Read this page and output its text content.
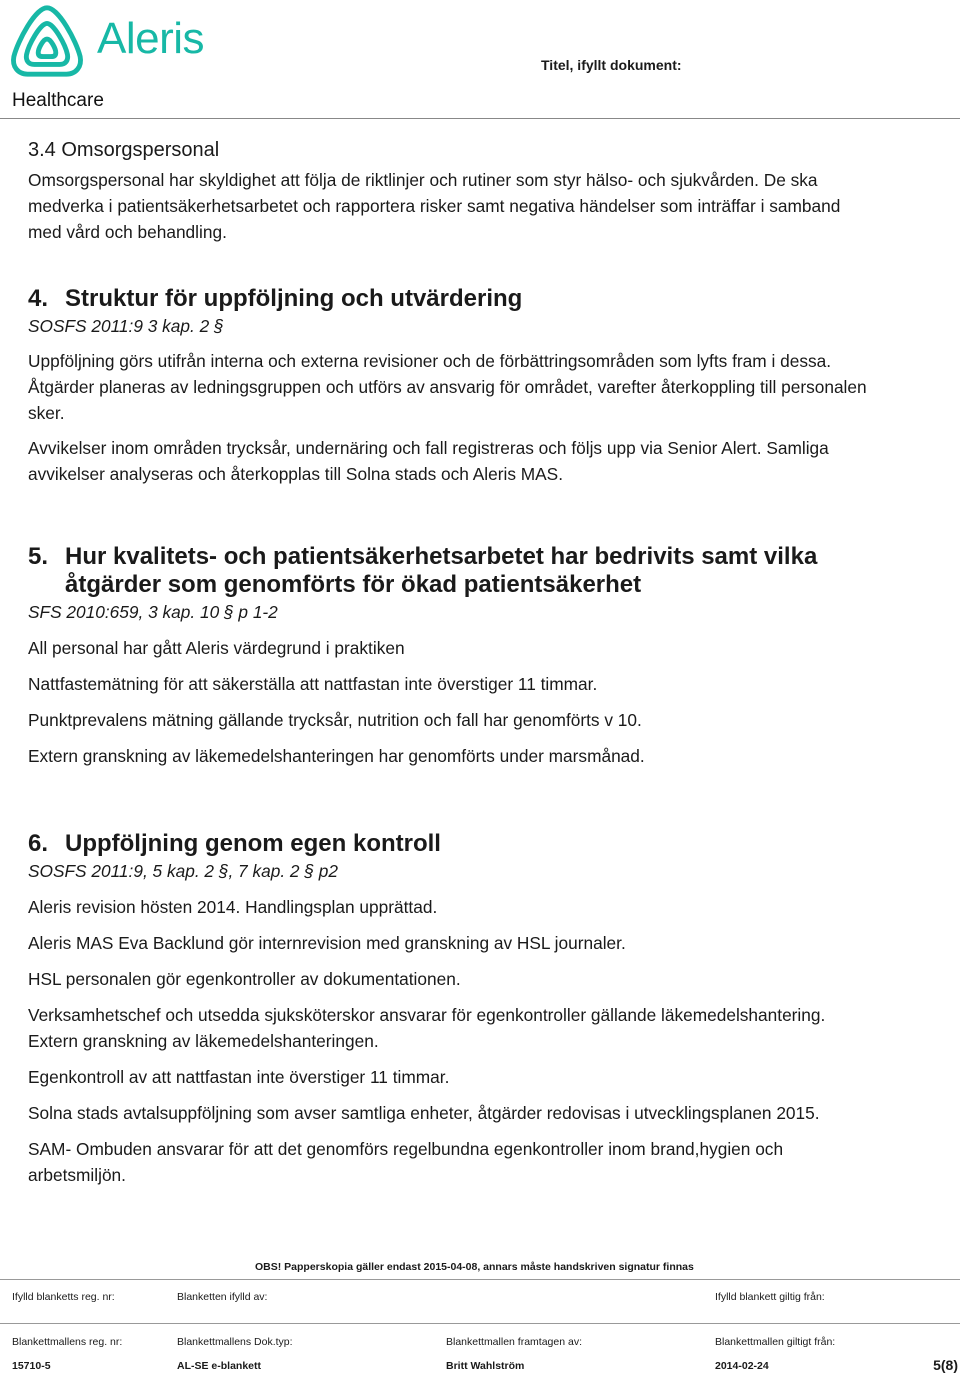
Aleris
Healthcare
Titel, ifyllt dokument:

3.4 Omsorgspersonal

Omsorgspersonal har skyldighet att följa de riktlinjer och rutiner som styr hälso- och sjukvården. De ska medverka i patientsäkerhetsarbetet och rapportera risker samt negativa händelser som inträffar i samband med vård och behandling.

4. Struktur för uppföljning och utvärdering

SOSFS 2011:9 3 kap. 2 §

Uppföljning görs utifrån interna och externa revisioner och de förbättringsområden som lyfts fram i dessa. Åtgärder planeras av ledningsgruppen och utförs av ansvarig för området, varefter återkoppling till personalen sker.

Avvikelser inom områden trycksår, undernäring och fall registreras och följs upp via Senior Alert. Samliga avvikelser analyseras och återkopplas till Solna stads och Aleris MAS.

5. Hur kvalitets- och patientsäkerhetsarbetet har bedrivits samt vilka åtgärder som genomförts för ökad patientsäkerhet

SFS 2010:659, 3 kap. 10 § p 1-2

All personal har gått Aleris värdegrund i praktiken

Nattfastemätning för att säkerställa att nattfastan inte överstiger 11 timmar.

Punktprevalens mätning gällande trycksår, nutrition och fall har genomförts v 10.

Extern granskning av läkemedelshanteringen har genomförts under marsmånad.

6. Uppföljning genom egen kontroll

SOSFS 2011:9, 5 kap. 2 §, 7 kap. 2 § p2

Aleris revision hösten 2014. Handlingsplan upprättad.

Aleris MAS Eva Backlund gör internrevision med granskning av HSL journaler.

HSL personalen gör egenkontroller av dokumentationen.

Verksamhetschef och utsedda sjuksköterskor ansvarar för egenkontroller gällande läkemedelshantering. Extern granskning av läkemedelshanteringen.

Egenkontroll av att nattfastan inte överstiger 11 timmar.

Solna stads avtalsuppföljning som avser samtliga enheter, åtgärder redovisas i utvecklingsplanen 2015.

SAM- Ombuden ansvarar för att det genomförs regelbundna egenkontroller inom brand,hygien och arbetsmiljön.

OBS! Papperskopia gäller endast 2015-04-08, annars måste handskriven signatur finnas
Ifylld blanketts reg. nr:	Blanketten ifylld av:	Ifylld blankett giltig från:
Blankettmallens reg. nr:	Blankettmallens Dok.typ:	Blankettmallen framtagen av:	Blankettmallen giltigt från:
15710-5	AL-SE e-blankett	Britt Wahlström	2014-02-24	5(8)
